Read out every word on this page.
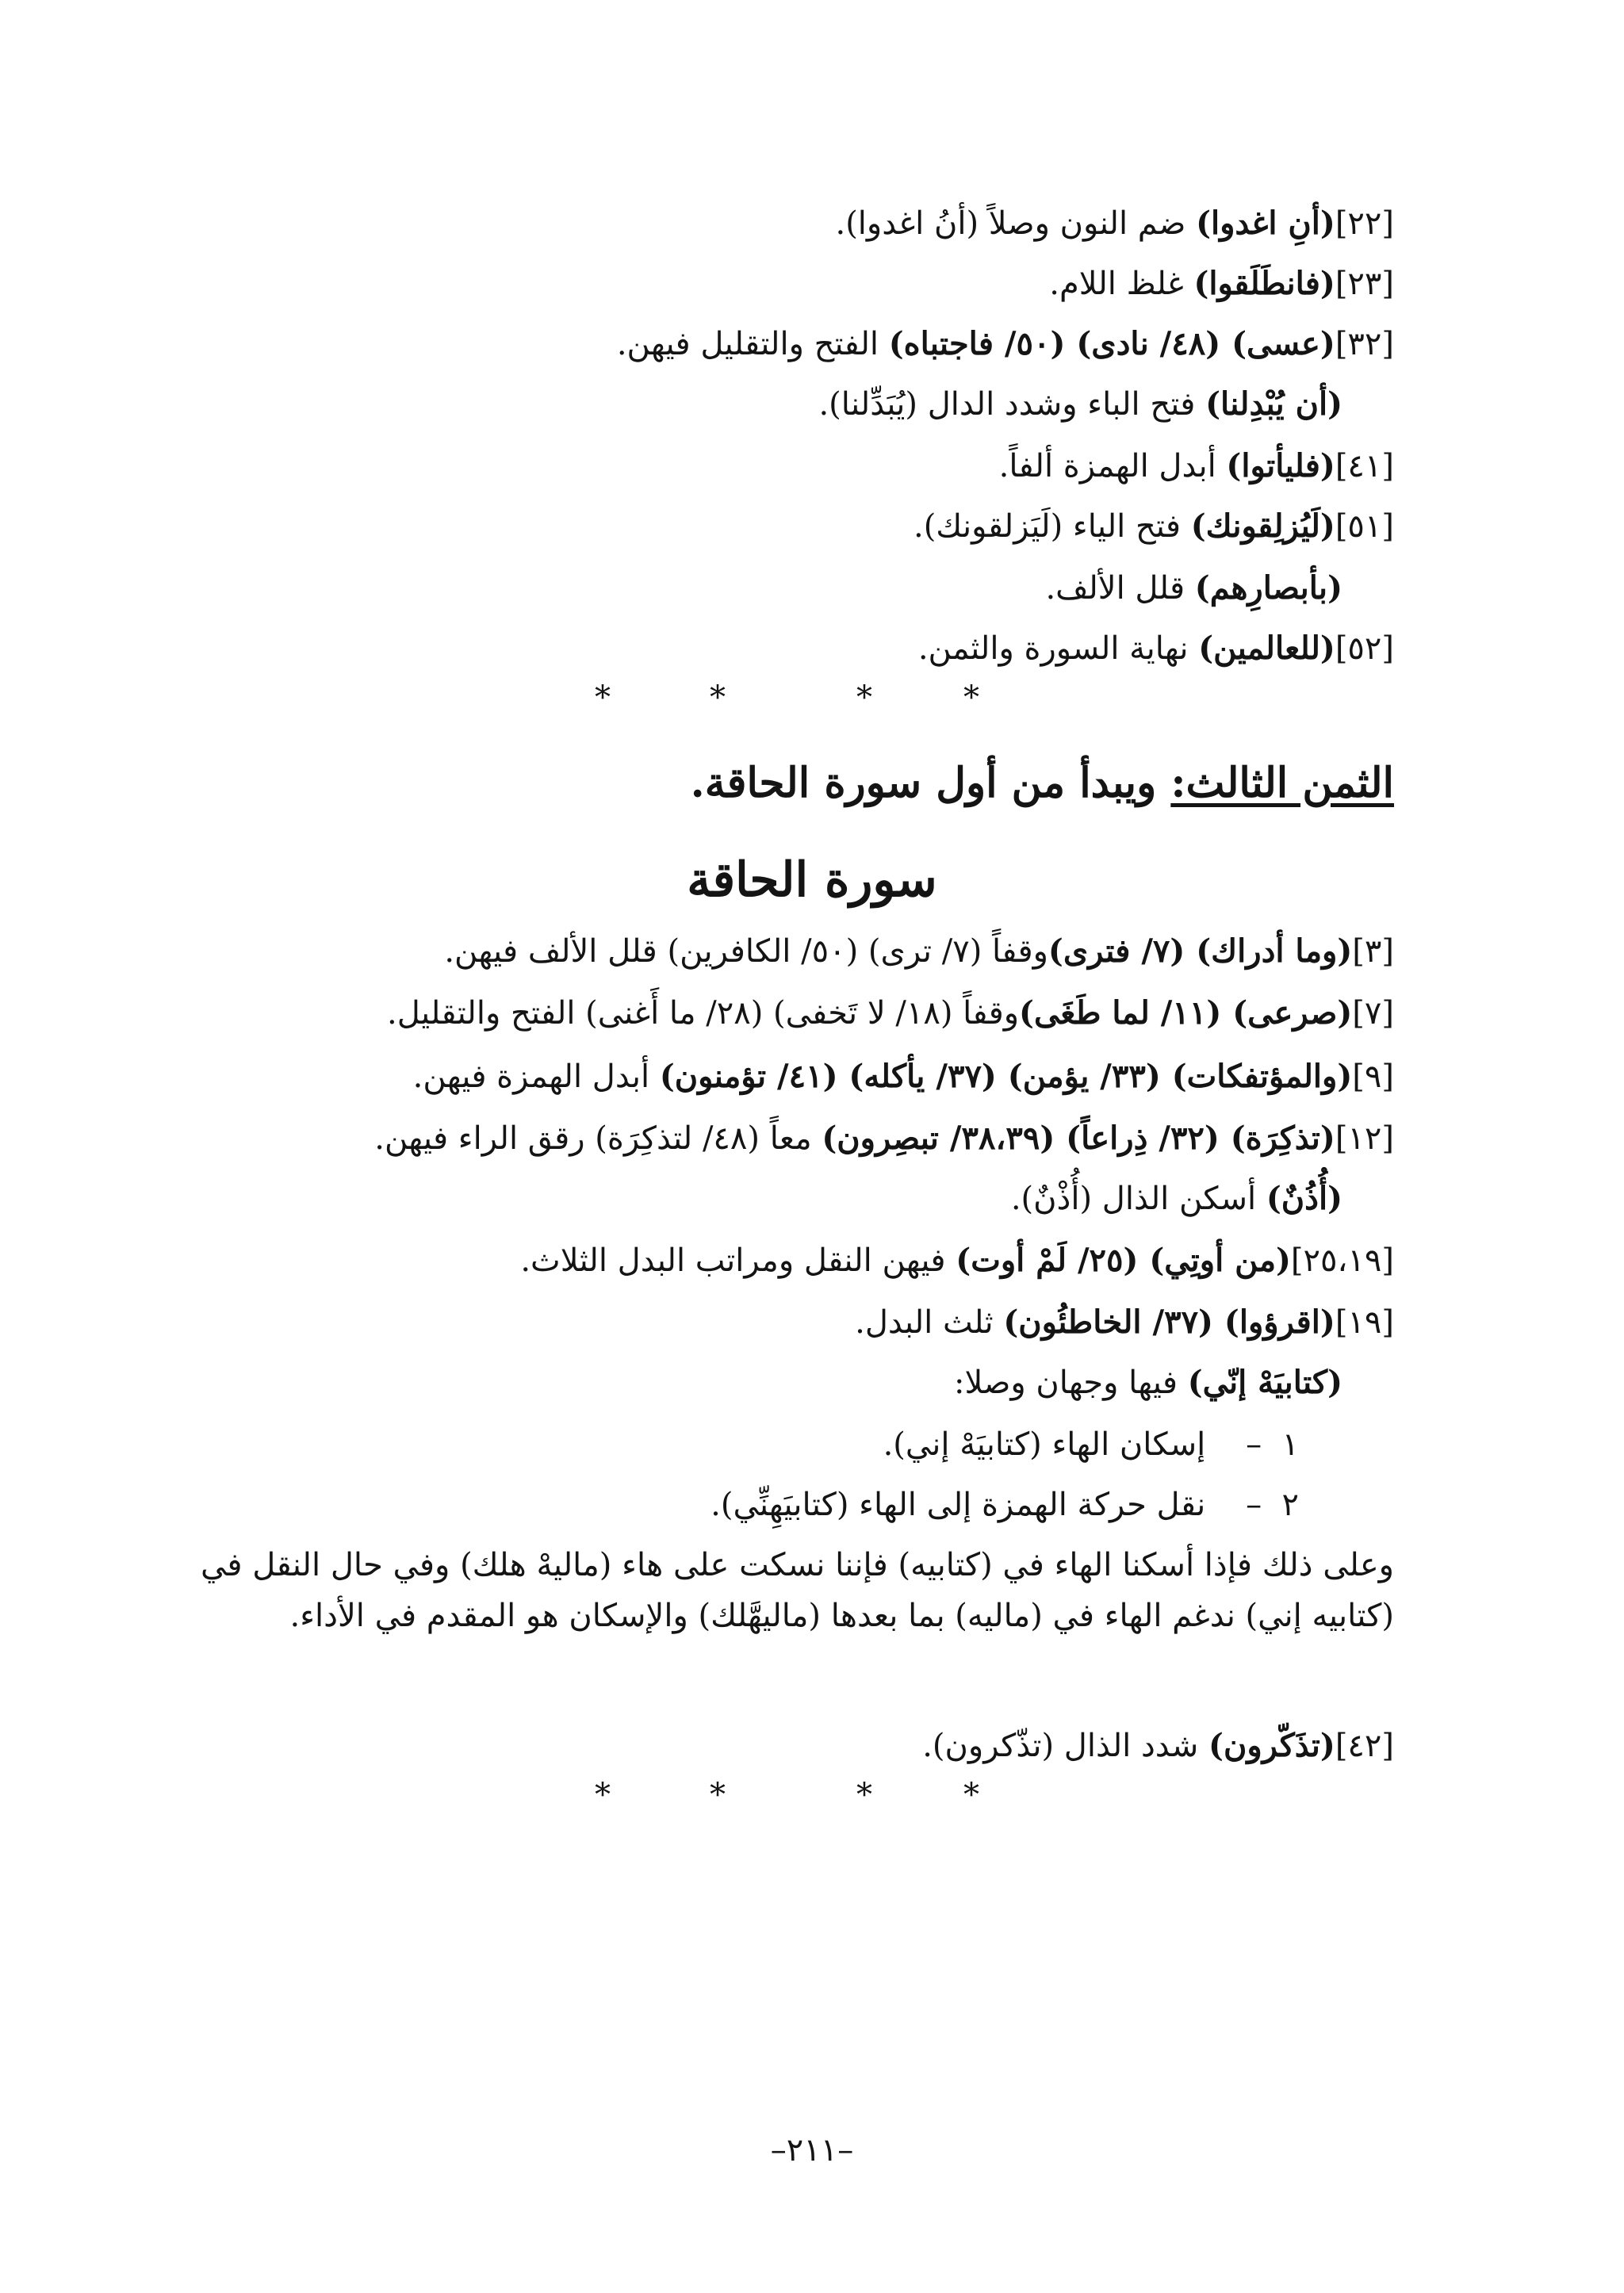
[٢٢](أنِ اغدوا) ضم النون وصلاً (أنُ اغدوا).
[٢٣](فانطَلَقوا) غلظ اللام.
[٣٢](عسى) (٤٨/ نادى) (٥٠/ فاجتباه) الفتح والتقليل فيهن.
(أن يُبْدِلنا) فتح الباء وشدد الدال (يُبَدِّلنا).
[٤١](فليأتوا) أبدل الهمزة ألفاً.
[٥١](لَيُزلِقونك) فتح الياء (لَيَزلقونك).
(بأبصارِهم) قلل الألف.
[٥٢](للعالمين) نهاية السورة والثمن.
*	*	*	*
الثمن الثالث: ويبدأ من أول سورة الحاقة.
سورة الحاقة
[٣](وما أدراك) (٧/ فترى)وقفاً (٧/ ترى) (٥٠/ الكافرين) قلل الألف فيهن.
[٧](صرعى) (١١/ لما طَغَى)وقفاً (١٨/ لا تَخفى) (٢٨/ ما أَغنى) الفتح والتقليل.
[٩](والمؤتفكات) (٣٣/ يؤمن) (٣٧/ يأكله) (٤١/ تؤمنون) أبدل الهمزة فيهن.
[١٢](تذكِرَة) (٣٢/ ذِراعاً) (٣٨،٣٩/ تبصِرون) معاً (٤٨/ لتذكِرَة) رقق الراء فيهن.
(أُذُنٌ) أسكن الذال (أُذْنٌ).
[٢٥،١٩](من أوتِي) (٢٥/ لَمْ أوت) فيهن النقل ومراتب البدل الثلاث.
[١٩](اقرؤوا) (٣٧/ الخاطئُون) ثلث البدل.
(كتابيَهْ إنّي) فيها وجهان وصلا:
١  –    إسكان الهاء (كتابيَهْ إني).
٢  –    نقل حركة الهمزة إلى الهاء (كتابيَهِنِّي).
وعلى ذلك فإذا أسكنا الهاء في (كتابيه) فإننا نسكت على هاء (ماليهْ هلك) وفي حال النقل في (كتابيه إني) ندغم الهاء في (ماليه) بما بعدها (ماليهَّلك) والإسكان هو المقدم في الأداء.
[٤٢](تذَكّرون) شدد الذال (تذّكرون).
*	*	*	*
–٢١١–
